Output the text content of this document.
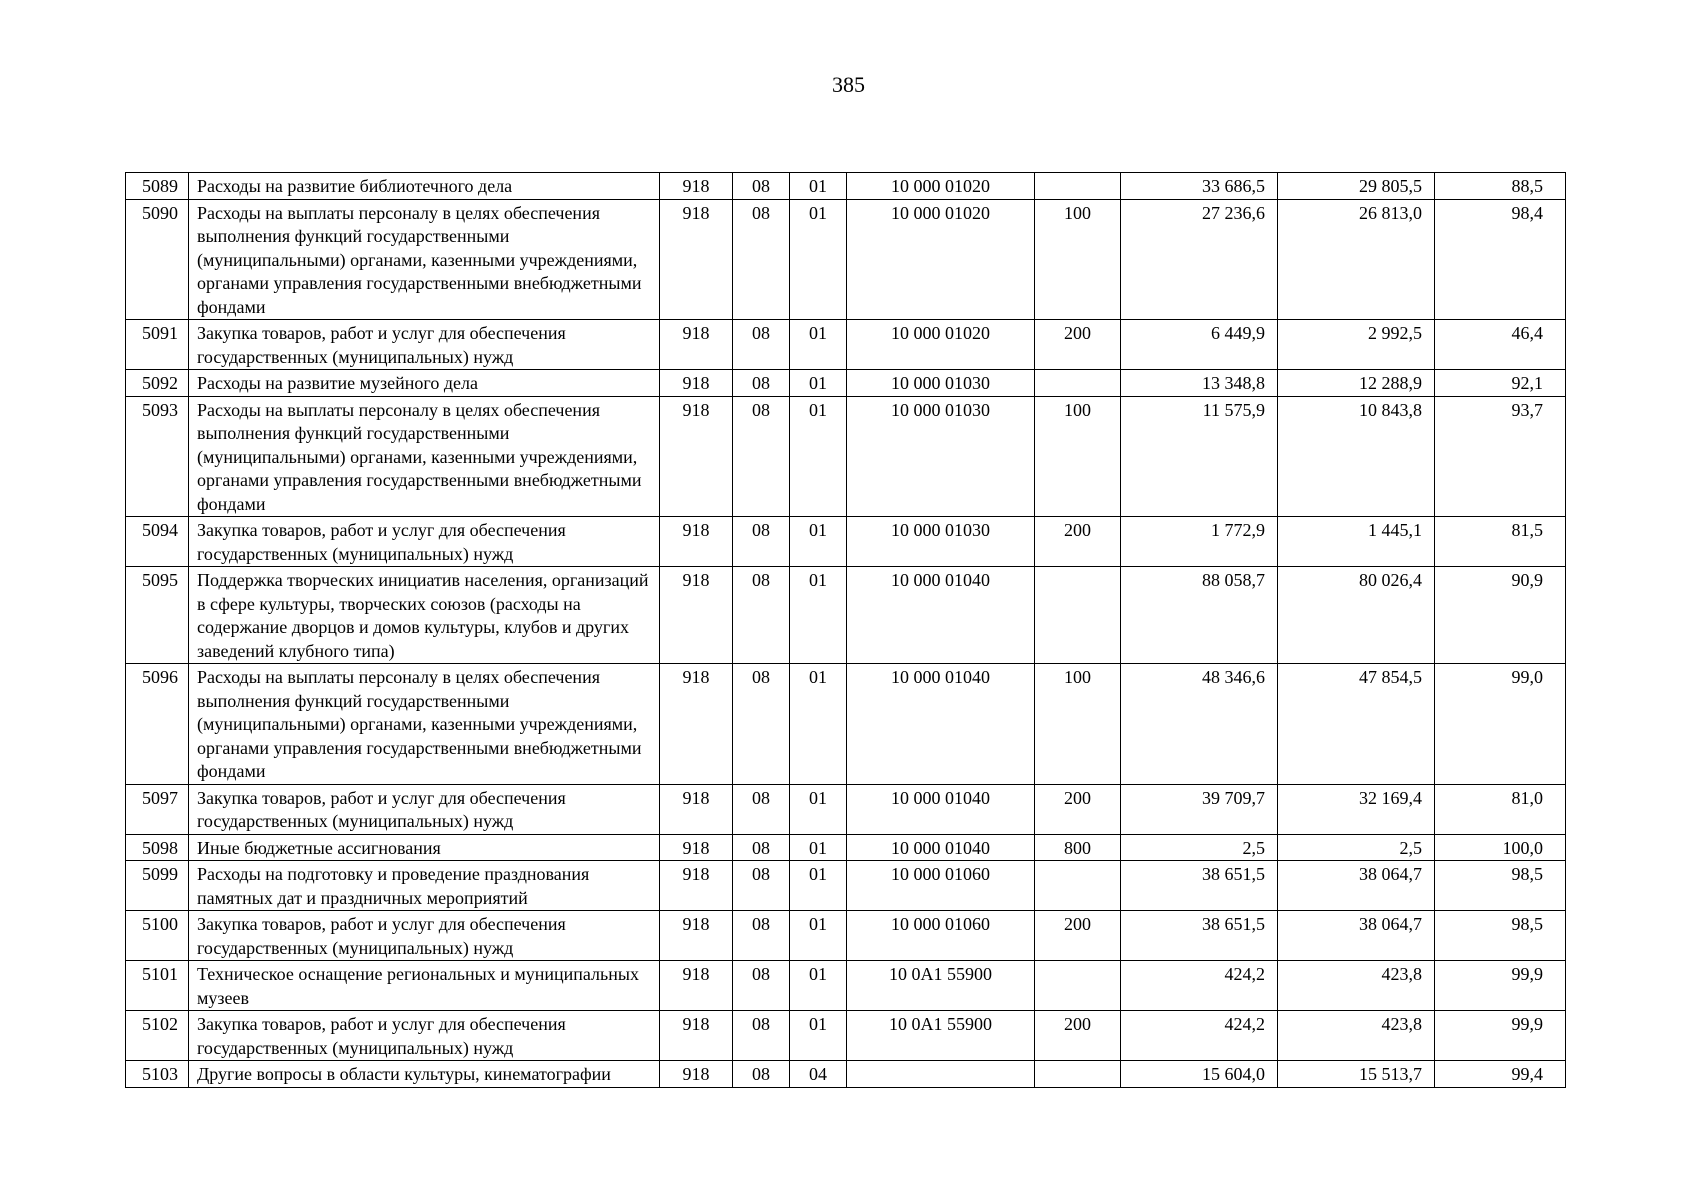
385
5089	Расходы на развитие библиотечного дела	918	08	01	10 000 01020		33 686,5	29 805,5	88,5
5090	Расходы на выплаты персоналу в целях обеспечения выполнения функций государственными (муниципальными) органами, казенными учреждениями, органами управления государственными внебюджетными фондами	918	08	01	10 000 01020	100	27 236,6	26 813,0	98,4
5091	Закупка товаров, работ и услуг для обеспечения государственных (муниципальных) нужд	918	08	01	10 000 01020	200	6 449,9	2 992,5	46,4
5092	Расходы на развитие музейного дела	918	08	01	10 000 01030		13 348,8	12 288,9	92,1
5093	Расходы на выплаты персоналу в целях обеспечения выполнения функций государственными (муниципальными) органами, казенными учреждениями, органами управления государственными внебюджетными фондами	918	08	01	10 000 01030	100	11 575,9	10 843,8	93,7
5094	Закупка товаров, работ и услуг для обеспечения государственных (муниципальных) нужд	918	08	01	10 000 01030	200	1 772,9	1 445,1	81,5
5095	Поддержка творческих инициатив населения, организаций в сфере культуры, творческих союзов (расходы на содержание дворцов и домов культуры, клубов и других заведений клубного типа)	918	08	01	10 000 01040		88 058,7	80 026,4	90,9
5096	Расходы на выплаты персоналу в целях обеспечения выполнения функций государственными (муниципальными) органами, казенными учреждениями, органами управления государственными внебюджетными фондами	918	08	01	10 000 01040	100	48 346,6	47 854,5	99,0
5097	Закупка товаров, работ и услуг для обеспечения государственных (муниципальных) нужд	918	08	01	10 000 01040	200	39 709,7	32 169,4	81,0
5098	Иные бюджетные ассигнования	918	08	01	10 000 01040	800	2,5	2,5	100,0
5099	Расходы на подготовку и проведение празднования памятных дат и праздничных мероприятий	918	08	01	10 000 01060		38 651,5	38 064,7	98,5
5100	Закупка товаров, работ и услуг для обеспечения государственных (муниципальных) нужд	918	08	01	10 000 01060	200	38 651,5	38 064,7	98,5
5101	Техническое оснащение региональных и муниципальных музеев	918	08	01	10 0A1 55900		424,2	423,8	99,9
5102	Закупка товаров, работ и услуг для обеспечения государственных (муниципальных) нужд	918	08	01	10 0A1 55900	200	424,2	423,8	99,9
5103	Другие вопросы в области культуры, кинематографии	918	08	04			15 604,0	15 513,7	99,4
